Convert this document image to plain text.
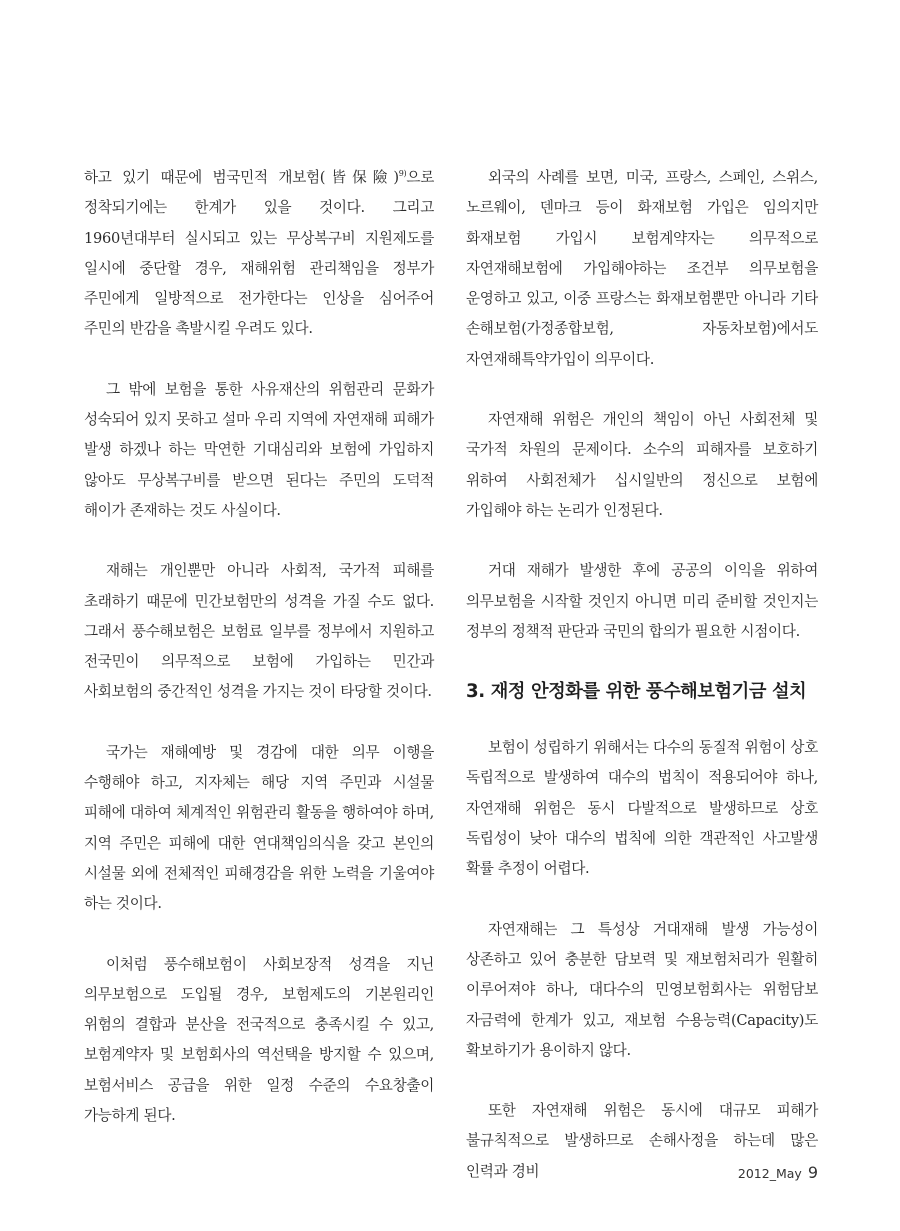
하고 있기 때문에 범국민적 개보험(皆保險)$^{9)}$으로 정착되기에는 한계가 있을 것이다. 그리고 1960년대부터 실시되고 있는 무상복구비 지원제도를 일시에 중단할 경우, 재해위험 관리책임을 정부가 주민에게 일방적으로 전가한다는 인상을 심어주어 주민의 반감을 촉발시킬 우려도 있다.

그 밖에 보험을 통한 사유재산의 위험관리 문화가 성숙되어 있지 못하고 설마 우리 지역에 자연재해 피해가 발생 하겠나 하는 막연한 기대심리와 보험에 가입하지 않아도 무상복구비를 받으면 된다는 주민의 도덕적 해이가 존재하는 것도 사실이다.

재해는 개인뿐만 아니라 사회적, 국가적 피해를 초래하기 때문에 민간보험만의 성격을 가질 수도 없다. 그래서 풍수해보험은 보험료 일부를 정부에서 지원하고 전국민이 의무적으로 보험에 가입하는 민간과 사회보험의 중간적인 성격을 가지는 것이 타당할 것이다.

국가는 재해예방 및 경감에 대한 의무 이행을 수행해야 하고, 지자체는 해당 지역 주민과 시설물 피해에 대하여 체계적인 위험관리 활동을 행하여야 하며, 지역 주민은 피해에 대한 연대책임의식을 갖고 본인의 시설물 외에 전체적인 피해경감을 위한 노력을 기울여야 하는 것이다.

이처럼 풍수해보험이 사회보장적 성격을 지닌 의무보험으로 도입될 경우, 보험제도의 기본원리인 위험의 결합과 분산을 전국적으로 충족시킬 수 있고, 보험계약자 및 보험회사의 역선택을 방지할 수 있으며, 보험서비스 공급을 위한 일정 수준의 수요창출이 가능하게 된다.

외국의 사례를 보면, 미국, 프랑스, 스페인, 스위스, 노르웨이, 덴마크 등이 화재보험 가입은 임의지만 화재보험 가입시 보험계약자는 의무적으로 자연재해보험에 가입해야하는 조건부 의무보험을 운영하고 있고, 이중 프랑스는 화재보험뿐만 아니라 기타 손해보험(가정종합보험, 자동차보험)에서도 자연재해특약가입이 의무이다.

자연재해 위험은 개인의 책임이 아닌 사회전체 및 국가적 차원의 문제이다. 소수의 피해자를 보호하기 위하여 사회전체가 십시일반의 정신으로 보험에 가입해야 하는 논리가 인정된다.

거대 재해가 발생한 후에 공공의 이익을 위하여 의무보험을 시작할 것인지 아니면 미리 준비할 것인지는 정부의 정책적 판단과 국민의 합의가 필요한 시점이다.

3. 재정 안정화를 위한 풍수해보험기금 설치

보험이 성립하기 위해서는 다수의 동질적 위험이 상호 독립적으로 발생하여 대수의 법칙이 적용되어야 하나, 자연재해 위험은 동시 다발적으로 발생하므로 상호 독립성이 낮아 대수의 법칙에 의한 객관적인 사고발생 확률 추정이 어렵다.

자연재해는 그 특성상 거대재해 발생 가능성이 상존하고 있어 충분한 담보력 및 재보험처리가 원활히 이루어져야 하나, 대다수의 민영보험회사는 위험담보 자금력에 한계가 있고, 재보험 수용능력(Capacity)도 확보하기가 용이하지 않다.

또한 자연재해 위험은 동시에 대규모 피해가 불규칙적으로 발생하므로 손해사정을 하는데 많은 인력과 경비	2012_May 9
